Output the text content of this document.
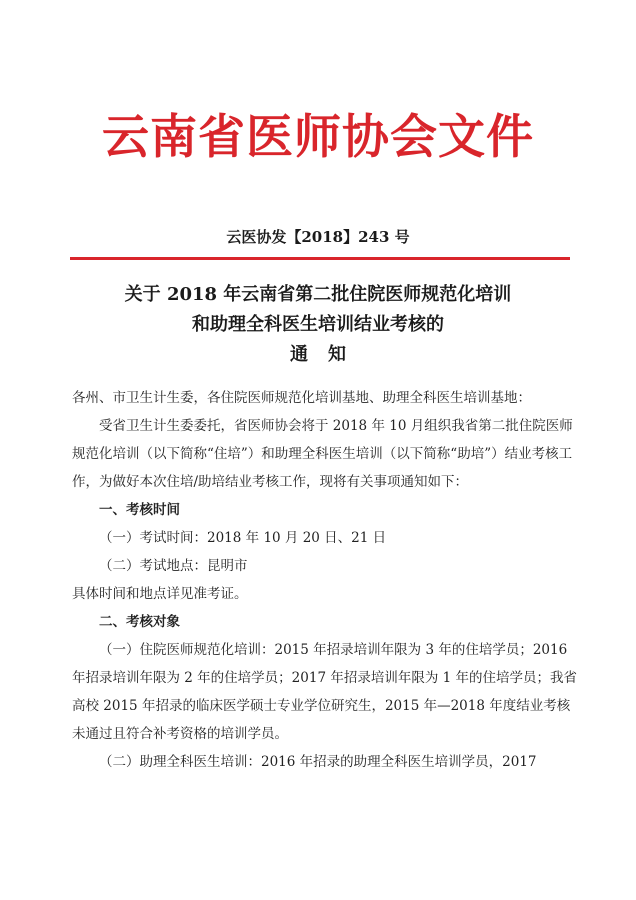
云南省医师协会文件
云医协发【2018】243 号
关于 2018 年云南省第二批住院医师规范化培训
和助理全科医生培训结业考核的
通知

各州、市卫生计生委，各住院医师规范化培训基地、助理全科医生培训基地：

受省卫生计生委委托，省医师协会将于 2018 年 10 月组织我省第二批住院医师规范化培训（以下简称“住培”）和助理全科医生培训（以下简称“助培”）结业考核工作，为做好本次住培/助培结业考核工作，现将有关事项通知如下：

一、考核时间

（一）考试时间：2018 年 10 月 20 日、21 日

（二）考试地点：昆明市

具体时间和地点详见准考证。

二、考核对象

（一）住院医师规范化培训：2015 年招录培训年限为 3 年的住培学员；2016 年招录培训年限为 2 年的住培学员；2017 年招录培训年限为 1 年的住培学员；我省高校 2015 年招录的临床医学硕士专业学位研究生，2015 年—2018 年度结业考核未通过且符合补考资格的培训学员。

（二）助理全科医生培训：2016 年招录的助理全科医生培训学员，2017
